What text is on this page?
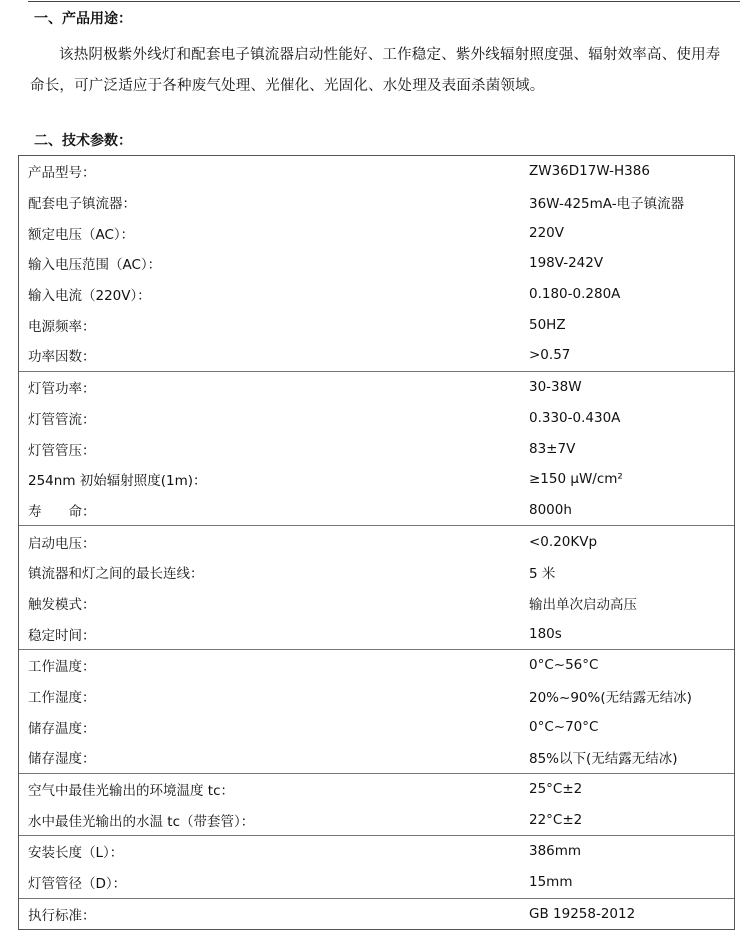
一、产品用途：
该热阴极紫外线灯和配套电子镇流器启动性能好、工作稳定、紫外线辐射照度强、辐射效率高、使用寿命长，可广泛适应于各种废气处理、光催化、光固化、水处理及表面杀菌领域。
二、技术参数：
产品型号：	ZW36D17W-H386
配套电子镇流器：	36W-425mA-电子镇流器
额定电压（AC）：	220V
输入电压范围（AC）：	198V-242V
输入电流（220V）：	0.180-0.280A
电源频率：	50HZ
功率因数：	>0.57
灯管功率：	30-38W
灯管管流：	0.330-0.430A
灯管管压：	83±7V
254nm 初始辐射照度(1m)：	≥150 μW/cm²
寿　　命：	8000h
启动电压：	<0.20KVp
镇流器和灯之间的最长连线：	5 米
触发模式：	输出单次启动高压
稳定时间：	180s
工作温度：	0°C~56°C
工作湿度：	20%~90%(无结露无结冰)
储存温度：	0°C~70°C
储存湿度：	85%以下(无结露无结冰)
空气中最佳光输出的环境温度 tc：	25°C±2
水中最佳光输出的水温 tc（带套管）：	22°C±2
安装长度（L）：	386mm
灯管管径（D）：	15mm
执行标准：	GB 19258-2012
